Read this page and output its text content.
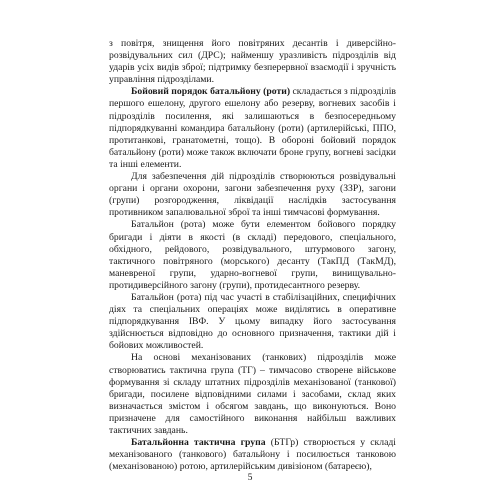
з повітря, знищення його повітряних десантів і диверсійно-розвідувальних сил (ДРС); найменшу уразливість підрозділів від ударів усіх видів зброї; підтримку безперервної взаємодії і зручність управління підрозділами.

Бойовий порядок батальйону (роти) складається з підрозділів першого ешелону, другого ешелону або резерву, вогневих засобів і підрозділів посилення, які залишаються в безпосередньому підпорядкуванні командира батальйону (роти) (артилерійські, ППО, протитанкові, гранатометні, тощо). В обороні бойовий порядок батальйону (роти) може також включати броне групу, вогневі засідки та інші елементи.

Для забезпечення дій підрозділів створюються розвідувальні органи і органи охорони, загони забезпечення руху (ЗЗР), загони (групи) розгородження, ліквідації наслідків застосування противником запалювальної зброї та інші тимчасові формування.

Батальйон (рота) може бути елементом бойового порядку бригади і діяти в якості (в складі) передового, спеціального, обхідного, рейдового, розвідувального, штурмового загону, тактичного повітряного (морського) десанту (ТакПД (ТакМД), маневреної групи, ударно-вогневої групи, винищувально-протидиверсійного загону (групи), протидесантного резерву.

Батальйон (рота) під час участі в стабілізаційних, специфічних діях та спеціальних операціях може виділятись в оперативне підпорядкування ІВФ. У цьому випадку його застосування здійснюється відповідно до основного призначення, тактики дій і бойових можливостей.

На основі механізованих (танкових) підрозділів може створюватись тактична група (ТГ) – тимчасово створене військове формування зі складу штатних підрозділів механізованої (танкової) бригади, посилене відповідними силами і засобами, склад яких визначається змістом і обсягом завдань, що виконуються. Воно призначене для самостійного виконання найбільш важливих тактичних завдань.

Батальйонна тактична група (БТГр) створюється у складі механізованого (танкового) батальйону і посилюється танковою (механізованою) ротою, артилерійським дивізіоном (батареєю),

5
